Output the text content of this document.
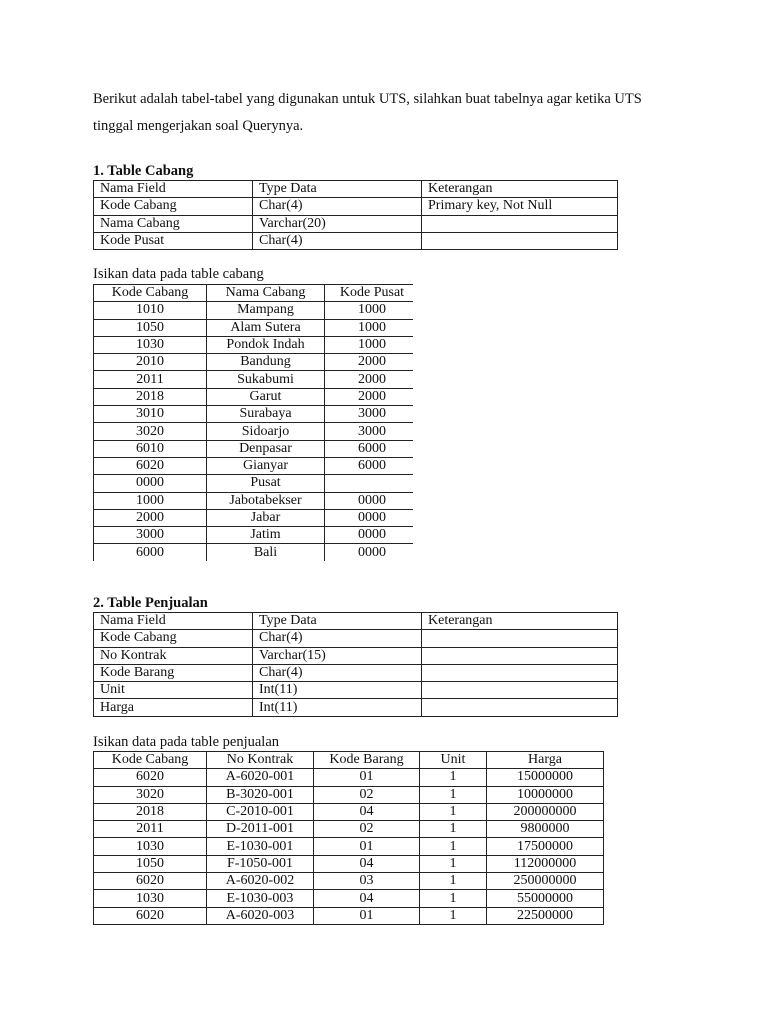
Berikut adalah tabel-tabel yang digunakan untuk UTS, silahkan buat tabelnya agar ketika UTS

tinggal mengerjakan soal Querynya.

1. Table Cabang
Nama Field	Type Data	Keterangan
Kode Cabang	Char(4)	Primary key, Not Null
Nama Cabang	Varchar(20)	
Kode Pusat	Char(4)	
Isikan data pada table cabang
Kode Cabang	Nama Cabang	Kode Pusat
1010	Mampang	1000
1050	Alam Sutera	1000
1030	Pondok Indah	1000
2010	Bandung	2000
2011	Sukabumi	2000
2018	Garut	2000
3010	Surabaya	3000
3020	Sidoarjo	3000
6010	Denpasar	6000
6020	Gianyar	6000
0000	Pusat	
1000	Jabotabekser	0000
2000	Jabar	0000
3000	Jatim	0000
6000	Bali	0000
2. Table Penjualan
Nama Field	Type Data	Keterangan
Kode Cabang	Char(4)	
No Kontrak	Varchar(15)	
Kode Barang	Char(4)	
Unit	Int(11)	
Harga	Int(11)	
Isikan data pada table penjualan
Kode Cabang	No Kontrak	Kode Barang	Unit	Harga
6020	A-6020-001	01	1	15000000
3020	B-3020-001	02	1	10000000
2018	C-2010-001	04	1	200000000
2011	D-2011-001	02	1	9800000
1030	E-1030-001	01	1	17500000
1050	F-1050-001	04	1	112000000
6020	A-6020-002	03	1	250000000
1030	E-1030-003	04	1	55000000
6020	A-6020-003	01	1	22500000
